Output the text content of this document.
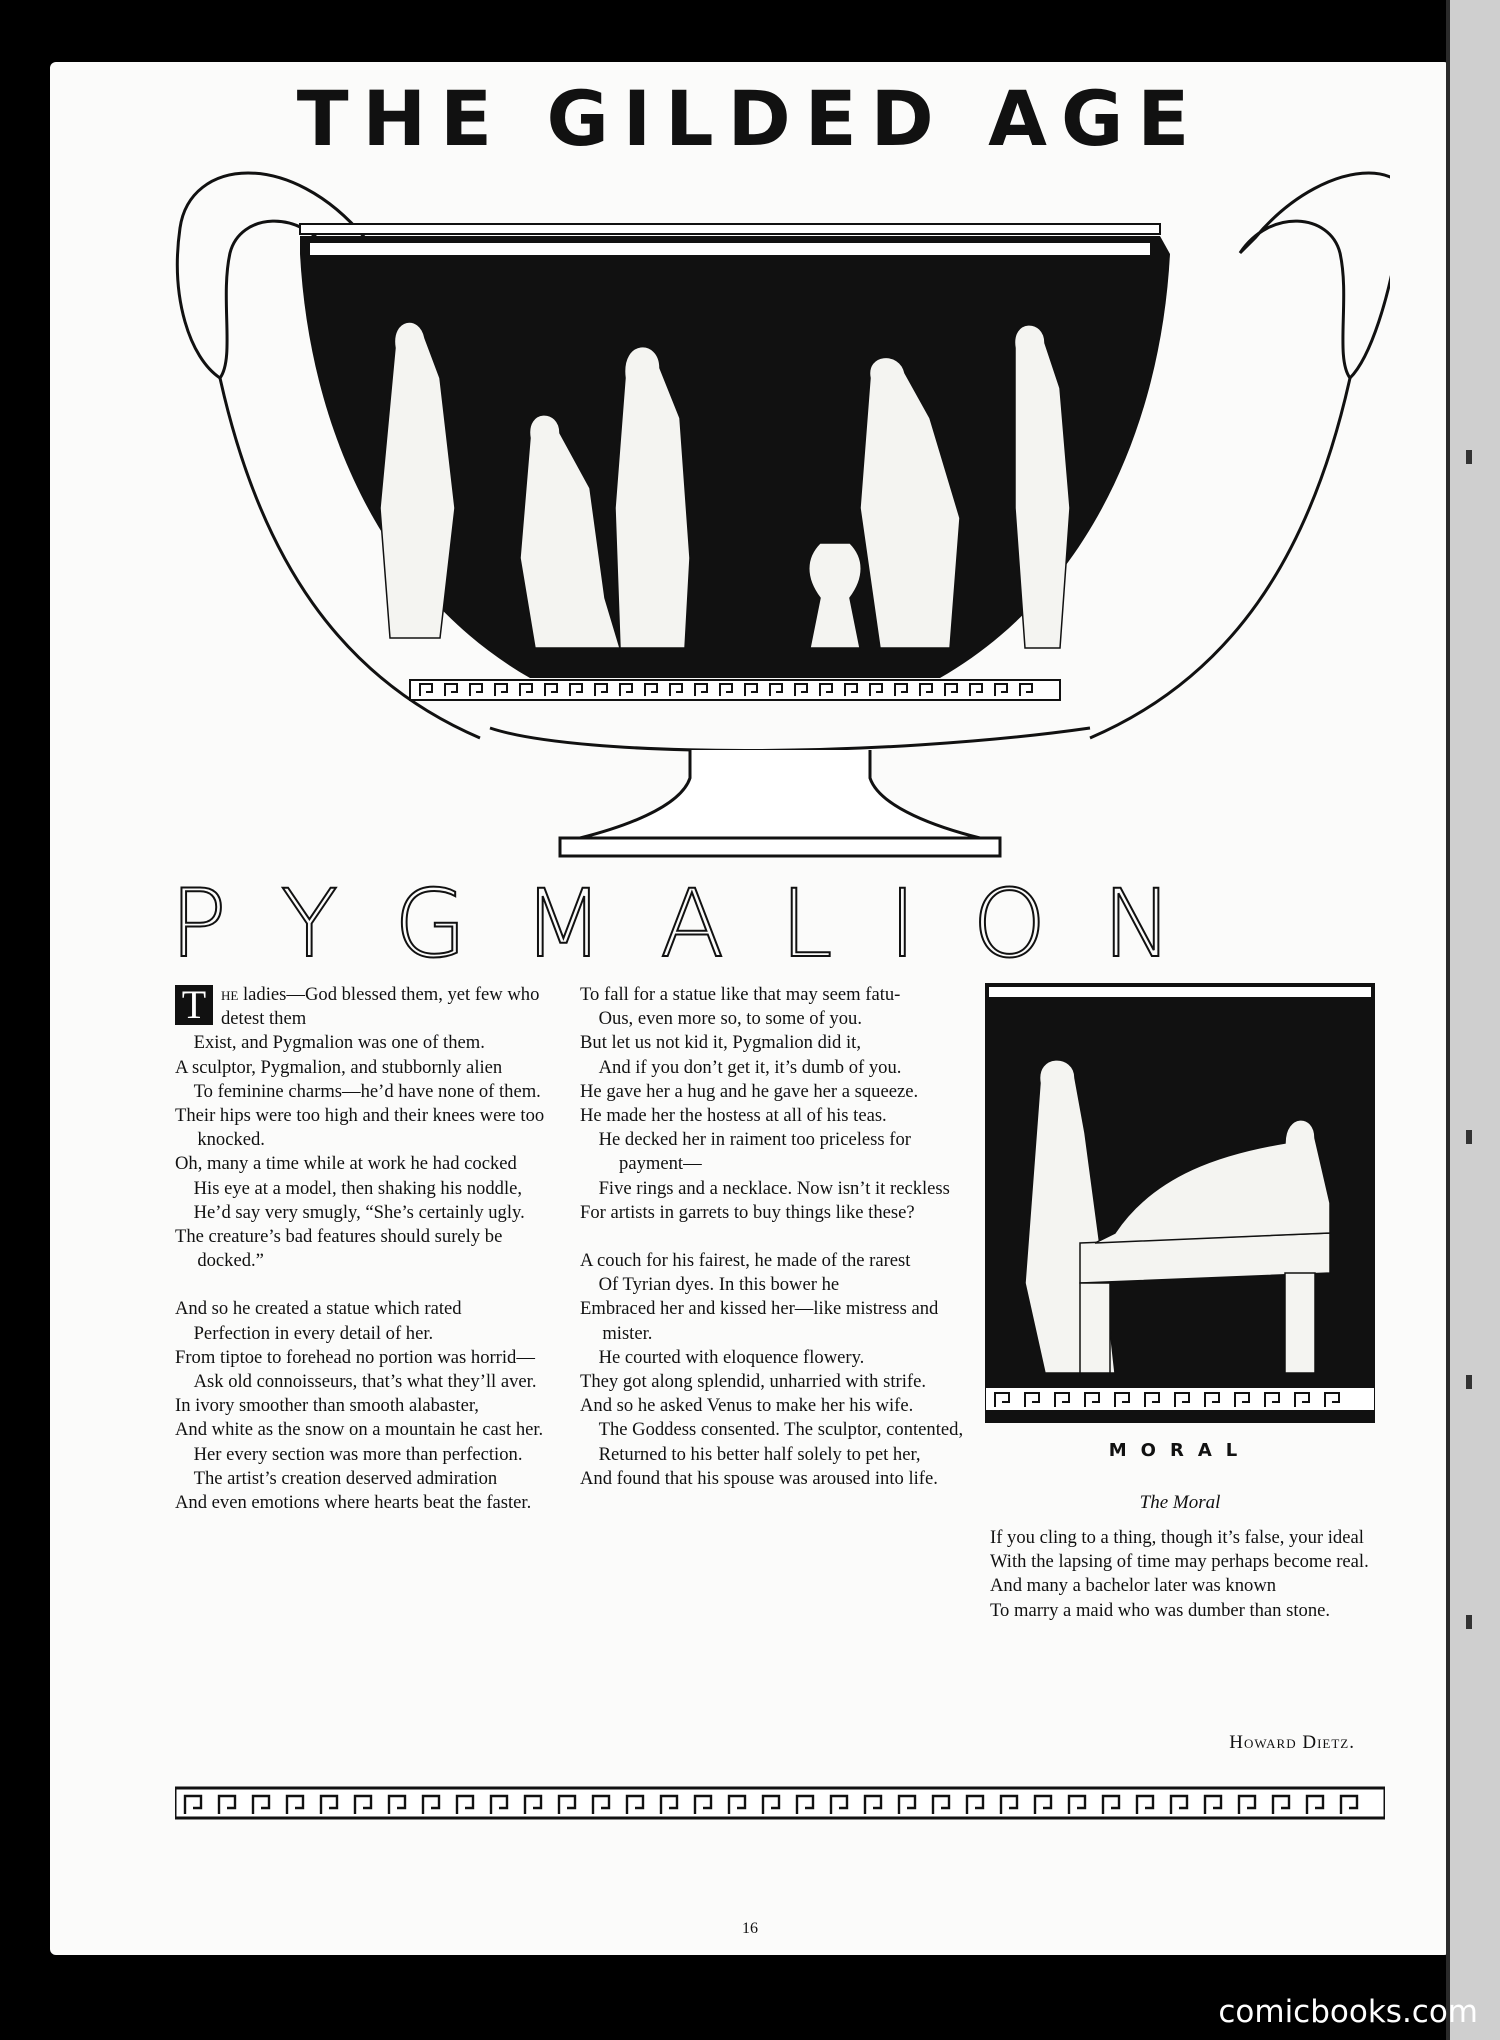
THE GILDED AGE
PYGMALION
T he ladies—God blessed them, yet few who detest them
Exist, and Pygmalion was one of them.
A sculptor, Pygmalion, and stubbornly alien
To feminine charms—he’d have none of them.
Their hips were too high and their knees were too knocked.
Oh, many a time while at work he had cocked
His eye at a model, then shaking his noddle,
He’d say very smugly, “She’s certainly ugly.
The creature’s bad features should surely be docked.”
And so he created a statue which rated
Perfection in every detail of her.
From tiptoe to forehead no portion was horrid—
Ask old connoisseurs, that’s what they’ll aver.
In ivory smoother than smooth alabaster,
And white as the snow on a mountain he cast her.
Her every section was more than perfection.
The artist’s creation deserved admiration
And even emotions where hearts beat the faster.
To fall for a statue like that may seem fatu-
Ous, even more so, to some of you.
But let us not kid it, Pygmalion did it,
And if you don’t get it, it’s dumb of you.
He gave her a hug and he gave her a squeeze.
He made her the hostess at all of his teas.
He decked her in raiment too priceless for payment—
Five rings and a necklace. Now isn’t it reckless
For artists in garrets to buy things like these?
A couch for his fairest, he made of the rarest
Of Tyrian dyes. In this bower he
Embraced her and kissed her—like mistress and mister.
He courted with eloquence flowery.
They got along splendid, unharried with strife.
And so he asked Venus to make her his wife.
The Goddess consented. The sculptor, contented,
Returned to his better half solely to pet her,
And found that his spouse was aroused into life.
MORAL
The Moral
If you cling to a thing, though it’s false, your ideal
With the lapsing of time may perhaps become real.
And many a bachelor later was known
To marry a maid who was dumber than stone.
Howard Dietz.
16
comicbooks.com
